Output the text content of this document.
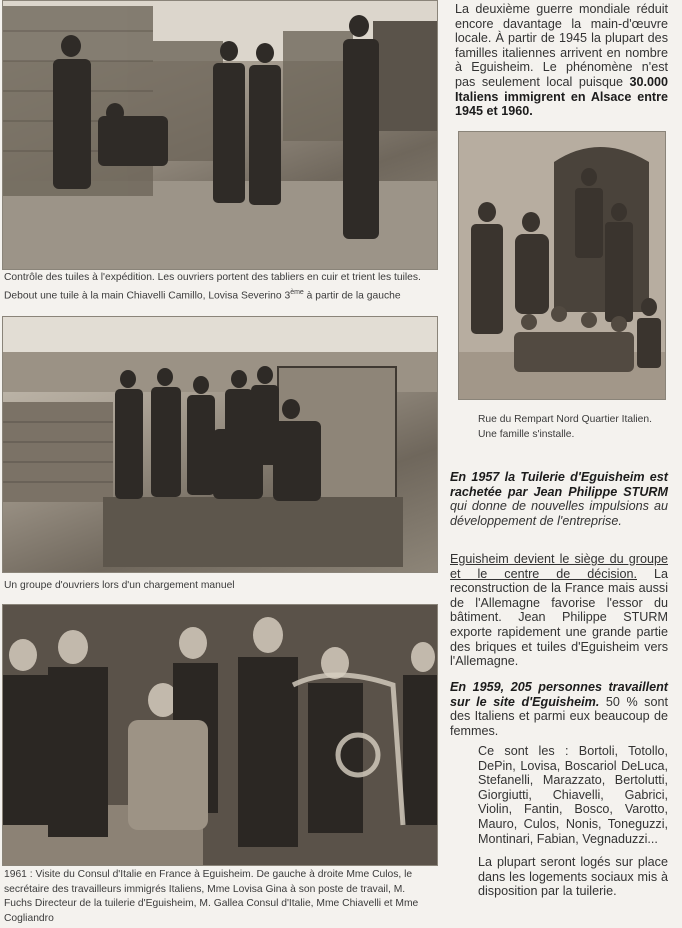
Contrôle des tuiles à l'expédition. Les ouvriers portent des tabliers en cuir et trient les tuiles. Debout une tuile à la main Chiavelli Camillo, Lovisa Severino 3ème à partir de la gauche

La deuxième guerre mondiale réduit encore davantage la main-d'œuvre locale. À partir de 1945 la plupart des familles italiennes arrivent en nombre à Eguisheim. Le phénomène n'est pas seulement local puisque 30.000 Italiens immigrent en Alsace entre 1945 et 1960.

Rue du Rempart Nord Quartier Italien. Une famille s'installe.

Un groupe d'ouvriers lors d'un chargement manuel

1961 : Visite du Consul d'Italie en France à Eguisheim. De gauche à droite Mme Culos, le secrétaire des travailleurs immigrés Italiens, Mme Lovisa Gina à son poste de travail, M. Fuchs Directeur de la tuilerie d'Eguisheim, M. Gallea Consul d'Italie, Mme Chiavelli et Mme Cogliandro

En 1957 la Tuilerie d'Eguisheim est rachetée par Jean Philippe STURM qui donne de nouvelles impulsions au développement de l'entreprise.

Eguisheim devient le siège du groupe et le centre de décision. La reconstruction de la France mais aussi de l'Allemagne favorise l'essor du bâtiment. Jean Philippe STURM exporte rapidement une grande partie des briques et tuiles d'Eguisheim vers l'Allemagne.

En 1959, 205 personnes travaillent sur le site d'Eguisheim. 50 % sont des Italiens et parmi eux beaucoup de femmes.

Ce sont les : Bortoli, Totollo, DePin, Lovisa, Boscariol DeLuca, Stefanelli, Marazzato, Bertolutti, Giorgiutti, Chiavelli, Gabrici, Violin, Fantin, Bosco, Varotto, Mauro, Culos, Nonis, Toneguzzi, Montinari, Fabian, Vegnaduzzi...

La plupart seront logés sur place dans les logements sociaux mis à disposition par la tuilerie.
